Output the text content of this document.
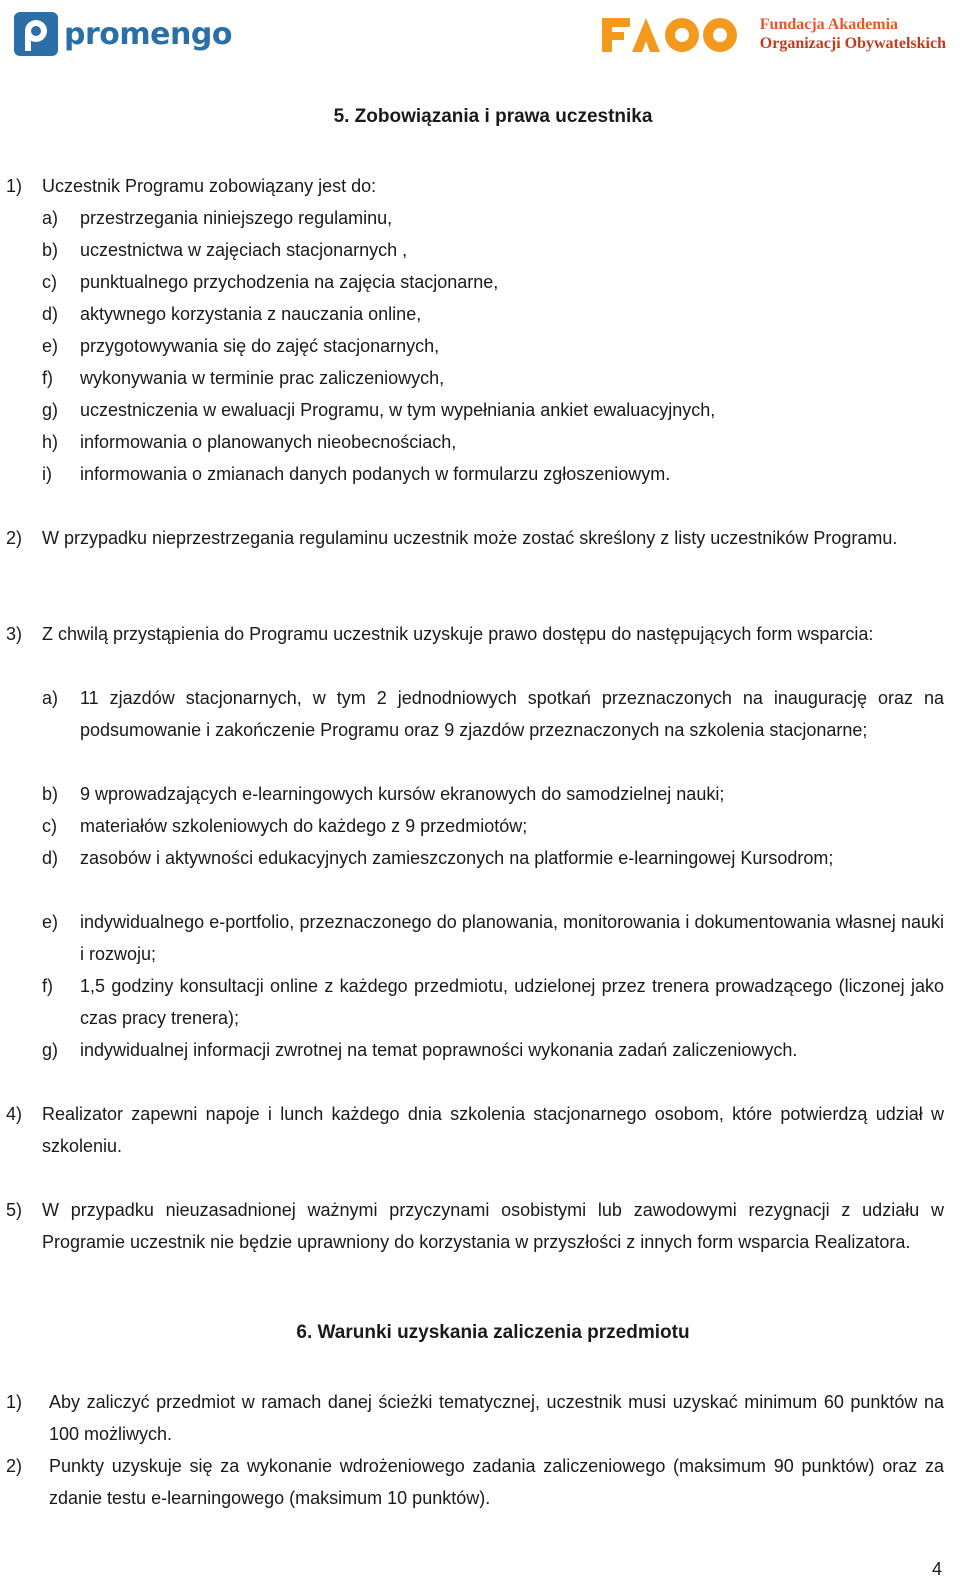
promengo	Fundacja Akademia
Organizacji Obywatelskich
5. Zobowiązania i prawa uczestnika
1)	Uczestnik Programu zobowiązany jest do:
a)	przestrzegania niniejszego regulaminu,
b)	uczestnictwa w zajęciach stacjonarnych ,
c)	punktualnego przychodzenia na zajęcia stacjonarne,
d)	aktywnego korzystania z nauczania online,
e)	przygotowywania się do zajęć stacjonarnych,
f)	wykonywania w terminie prac zaliczeniowych,
g)	uczestniczenia w ewaluacji Programu, w tym wypełniania ankiet ewaluacyjnych,
h)	informowania o planowanych nieobecnościach,
i)	informowania o zmianach danych podanych w formularzu zgłoszeniowym.
2)	W przypadku nieprzestrzegania regulaminu uczestnik może zostać skreślony z listy uczestników Programu.
3)	Z chwilą przystąpienia do Programu uczestnik uzyskuje prawo dostępu do następujących form wsparcia:
a)	11 zjazdów stacjonarnych, w tym 2 jednodniowych spotkań przeznaczonych na inaugurację oraz na podsumowanie i zakończenie Programu oraz 9 zjazdów przeznaczonych na szkolenia stacjonarne;
b)	9 wprowadzających e-learningowych kursów ekranowych do samodzielnej nauki;
c)	materiałów szkoleniowych do każdego z 9 przedmiotów;
d)	zasobów i aktywności edukacyjnych zamieszczonych na platformie e-learningowej Kursodrom;
e)	indywidualnego e-portfolio, przeznaczonego do planowania, monitorowania i dokumentowania własnej nauki i rozwoju;
f)	1,5 godziny konsultacji online z każdego przedmiotu, udzielonej przez trenera prowadzącego (liczonej jako czas pracy trenera);
g)	indywidualnej informacji zwrotnej na temat poprawności wykonania zadań zaliczeniowych.
4)	Realizator zapewni napoje i lunch każdego dnia szkolenia stacjonarnego osobom, które potwierdzą udział w szkoleniu.
5)	W przypadku nieuzasadnionej ważnymi przyczynami osobistymi lub zawodowymi rezygnacji z udziału w Programie uczestnik nie będzie uprawniony do korzystania w przyszłości z innych form wsparcia Realizatora.
6. Warunki uzyskania zaliczenia przedmiotu
1)	Aby zaliczyć przedmiot w ramach danej ścieżki tematycznej, uczestnik musi uzyskać minimum 60 punktów na 100 możliwych.
2)	Punkty uzyskuje się za wykonanie wdrożeniowego zadania zaliczeniowego (maksimum 90 punktów) oraz za zdanie testu e-learningowego (maksimum 10 punktów).
4
